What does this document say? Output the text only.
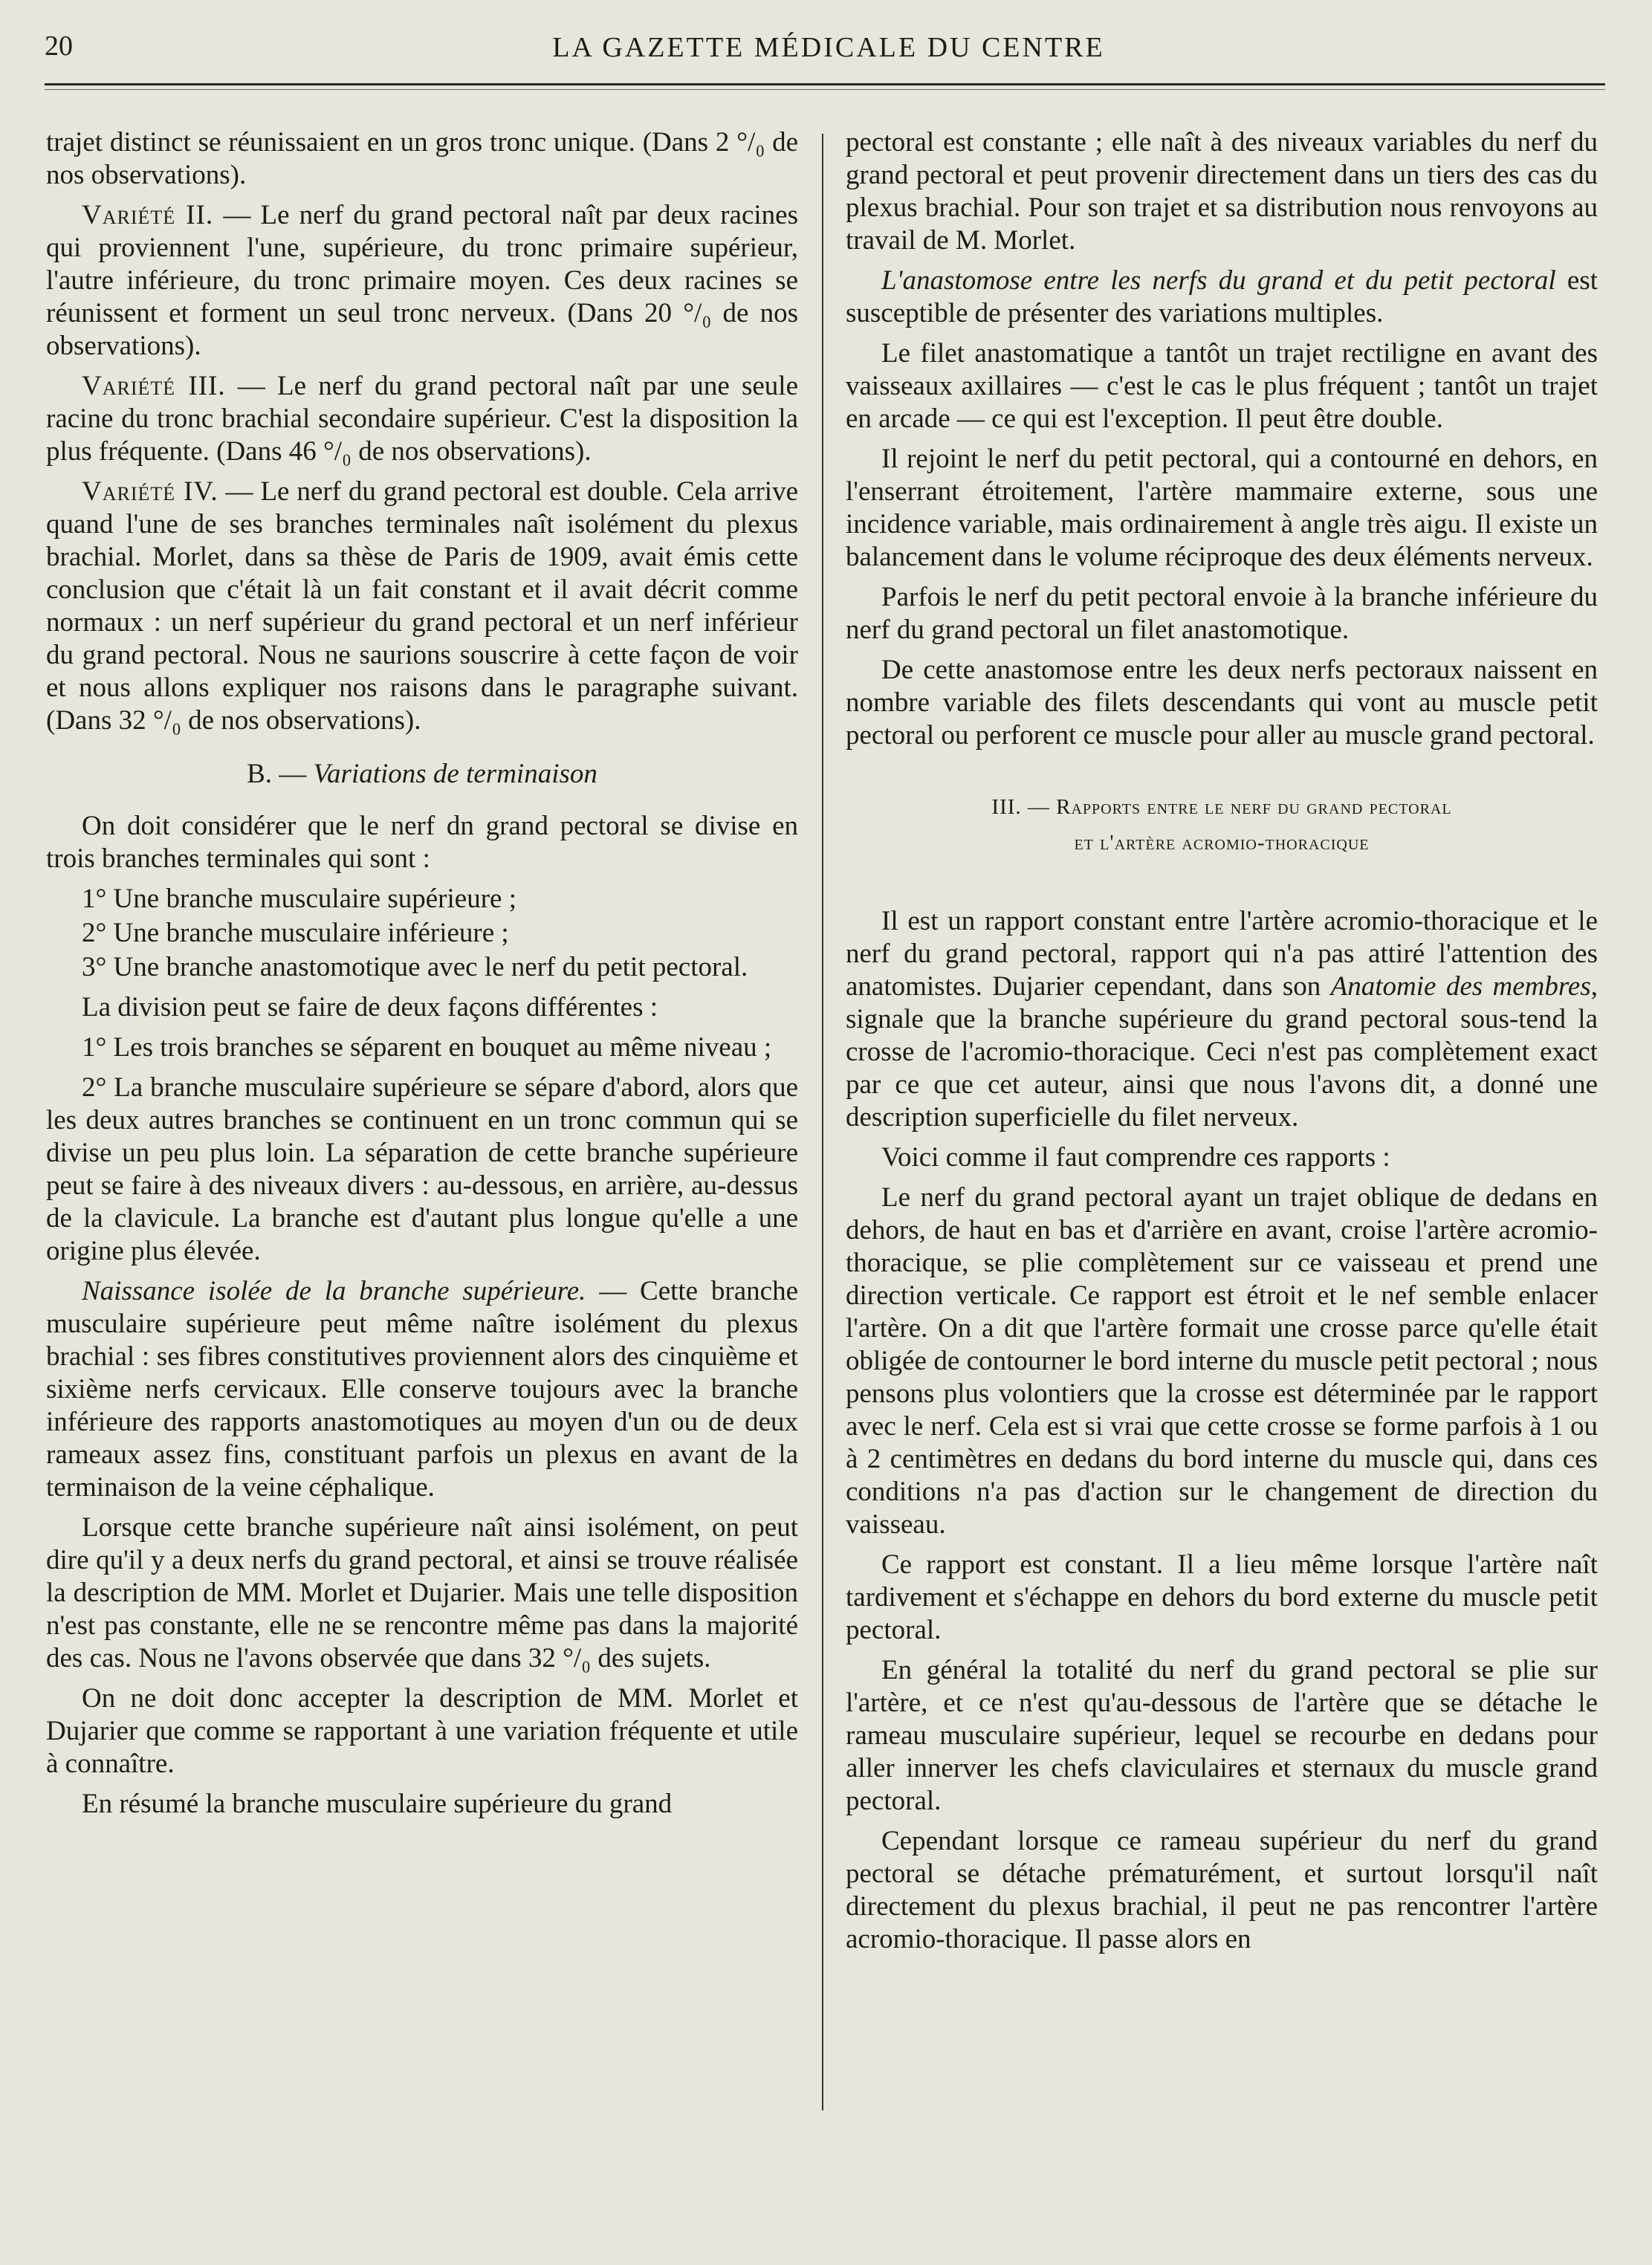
20	LA GAZETTE MÉDICALE DU CENTRE

trajet distinct se réunissaient en un gros tronc unique. (Dans 2 °/₀ de nos observations).

Variété II. — Le nerf du grand pectoral naît par deux racines qui proviennent l'une, supérieure, du tronc primaire supérieur, l'autre inférieure, du tronc primaire moyen. Ces deux racines se réunissent et forment un seul tronc nerveux. (Dans 20 °/₀ de nos observations).

Variété III. — Le nerf du grand pectoral naît par une seule racine du tronc brachial secondaire supérieur. C'est la disposition la plus fréquente. (Dans 46 °/₀ de nos observations).

Variété IV. — Le nerf du grand pectoral est double. Cela arrive quand l'une de ses branches terminales naît isolément du plexus brachial. Morlet, dans sa thèse de Paris de 1909, avait émis cette conclusion que c'était là un fait constant et il avait décrit comme normaux : un nerf supérieur du grand pectoral et un nerf inférieur du grand pectoral. Nous ne saurions souscrire à cette façon de voir et nous allons expliquer nos raisons dans le paragraphe suivant. (Dans 32 °/₀ de nos observations).

B. — Variations de terminaison

On doit considérer que le nerf dn grand pectoral se divise en trois branches terminales qui sont :

1° Une branche musculaire supérieure ;

2° Une branche musculaire inférieure ;

3° Une branche anastomotique avec le nerf du petit pectoral.

La division peut se faire de deux façons différentes :

1° Les trois branches se séparent en bouquet au même niveau ;

2° La branche musculaire supérieure se sépare d'abord, alors que les deux autres branches se continuent en un tronc commun qui se divise un peu plus loin. La séparation de cette branche supérieure peut se faire à des niveaux divers : au-dessous, en arrière, au-dessus de la clavicule. La branche est d'autant plus longue qu'elle a une origine plus élevée.

Naissance isolée de la branche supérieure. — Cette branche musculaire supérieure peut même naître isolément du plexus brachial : ses fibres constitutives proviennent alors des cinquième et sixième nerfs cervicaux. Elle conserve toujours avec la branche inférieure des rapports anastomotiques au moyen d'un ou de deux rameaux assez fins, constituant parfois un plexus en avant de la terminaison de la veine céphalique.

Lorsque cette branche supérieure naît ainsi isolément, on peut dire qu'il y a deux nerfs du grand pectoral, et ainsi se trouve réalisée la description de MM. Morlet et Dujarier. Mais une telle disposition n'est pas constante, elle ne se rencontre même pas dans la majorité des cas. Nous ne l'avons observée que dans 32 °/₀ des sujets.

On ne doit donc accepter la description de MM. Morlet et Dujarier que comme se rapportant à une variation fréquente et utile à connaître.

En résumé la branche musculaire supérieure du grand

pectoral est constante ; elle naît à des niveaux variables du nerf du grand pectoral et peut provenir directement dans un tiers des cas du plexus brachial. Pour son trajet et sa distribution nous renvoyons au travail de M. Morlet.

L'anastomose entre les nerfs du grand et du petit pectoral est susceptible de présenter des variations multiples.

Le filet anastomatique a tantôt un trajet rectiligne en avant des vaisseaux axillaires — c'est le cas le plus fréquent ; tantôt un trajet en arcade — ce qui est l'exception. Il peut être double.

Il rejoint le nerf du petit pectoral, qui a contourné en dehors, en l'enserrant étroitement, l'artère mammaire externe, sous une incidence variable, mais ordinairement à angle très aigu. Il existe un balancement dans le volume réciproque des deux éléments nerveux.

Parfois le nerf du petit pectoral envoie à la branche inférieure du nerf du grand pectoral un filet anastomotique.

De cette anastomose entre les deux nerfs pectoraux naissent en nombre variable des filets descendants qui vont au muscle petit pectoral ou perforent ce muscle pour aller au muscle grand pectoral.

III. — Rapports entre le nerf du grand pectoral
et l'artère acromio-thoracique

Il est un rapport constant entre l'artère acromio-thoracique et le nerf du grand pectoral, rapport qui n'a pas attiré l'attention des anatomistes. Dujarier cependant, dans son Anatomie des membres, signale que la branche supérieure du grand pectoral sous-tend la crosse de l'acromio-thoracique. Ceci n'est pas complètement exact par ce que cet auteur, ainsi que nous l'avons dit, a donné une description superficielle du filet nerveux.

Voici comme il faut comprendre ces rapports :

Le nerf du grand pectoral ayant un trajet oblique de dedans en dehors, de haut en bas et d'arrière en avant, croise l'artère acromio-thoracique, se plie complètement sur ce vaisseau et prend une direction verticale. Ce rapport est étroit et le nef semble enlacer l'artère. On a dit que l'artère formait une crosse parce qu'elle était obligée de contourner le bord interne du muscle petit pectoral ; nous pensons plus volontiers que la crosse est déterminée par le rapport avec le nerf. Cela est si vrai que cette crosse se forme parfois à 1 ou à 2 centimètres en dedans du bord interne du muscle qui, dans ces conditions n'a pas d'action sur le changement de direction du vaisseau.

Ce rapport est constant. Il a lieu même lorsque l'artère naît tardivement et s'échappe en dehors du bord externe du muscle petit pectoral.

En général la totalité du nerf du grand pectoral se plie sur l'artère, et ce n'est qu'au-dessous de l'artère que se détache le rameau musculaire supérieur, lequel se recourbe en dedans pour aller innerver les chefs claviculaires et sternaux du muscle grand pectoral.

Cependant lorsque ce rameau supérieur du nerf du grand pectoral se détache prématurément, et surtout lorsqu'il naît directement du plexus brachial, il peut ne pas rencontrer l'artère acromio-thoracique. Il passe alors en
